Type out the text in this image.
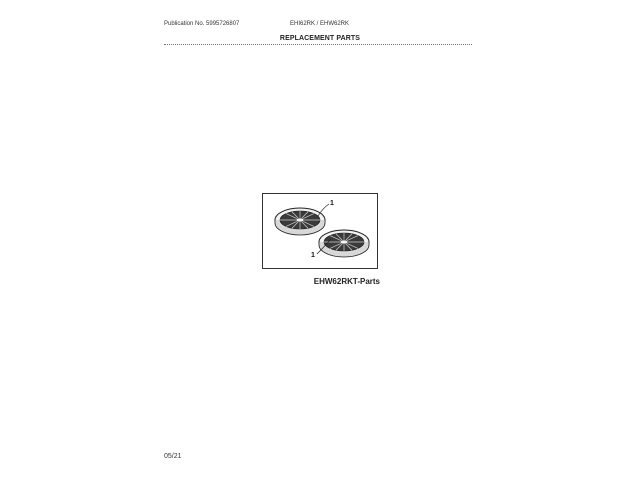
Publication No. 5995726807	EHI62RK / EHW62RK
REPLACEMENT PARTS
1
1
EHW62RKT-Parts
05/21
